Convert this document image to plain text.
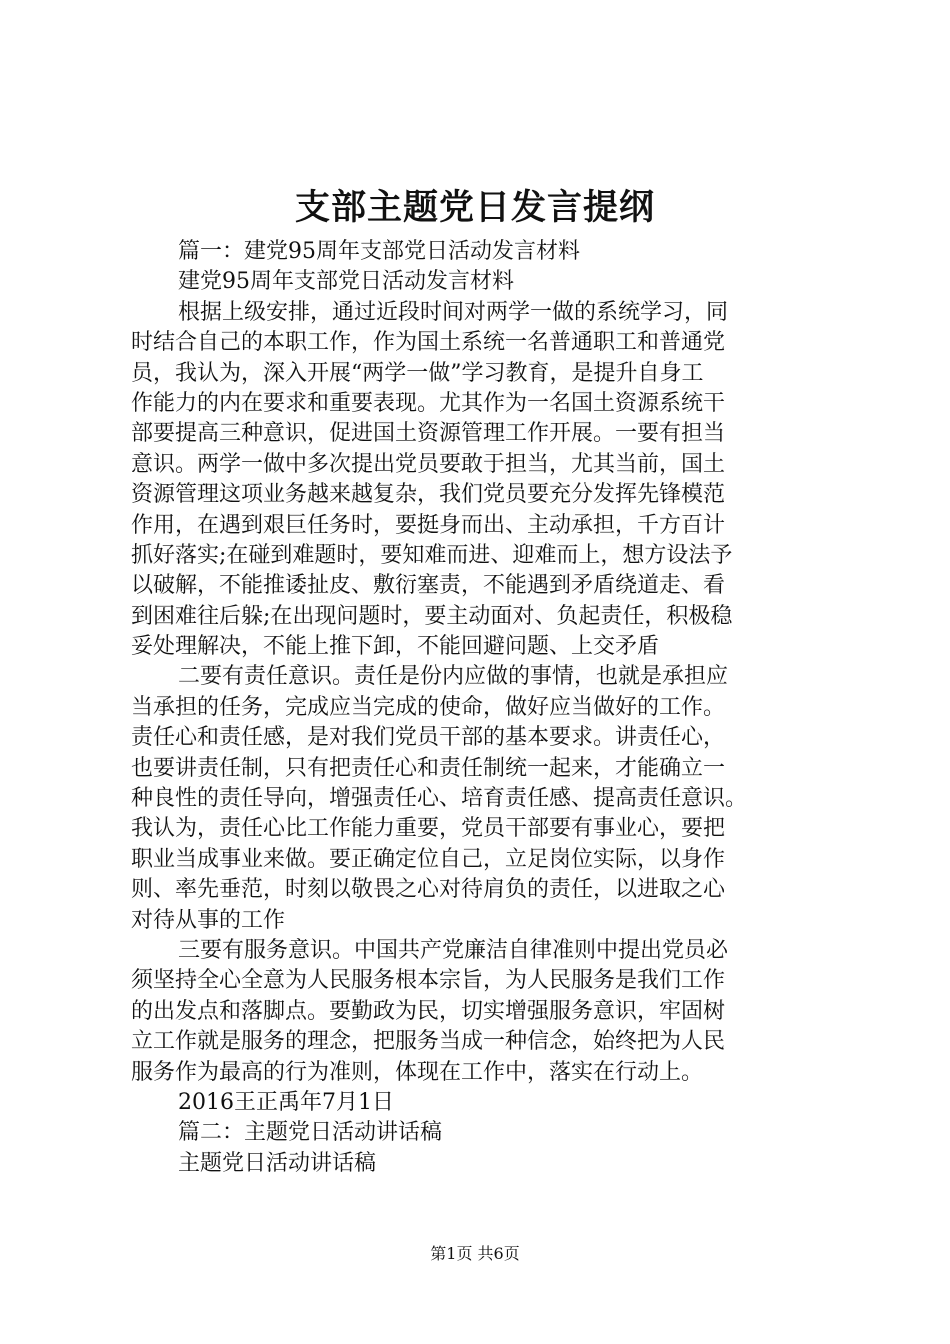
支部主题党日发言提纲
篇一：建党95周年支部党日活动发言材料
建党95周年支部党日活动发言材料
根据上级安排，通过近段时间对两学一做的系统学习，同
时结合自己的本职工作，作为国土系统一名普通职工和普通党
员，我认为，深入开展“两学一做”学习教育，是提升自身工
作能力的内在要求和重要表现。尤其作为一名国土资源系统干
部要提高三种意识，促进国土资源管理工作开展。一要有担当
意识。两学一做中多次提出党员要敢于担当，尤其当前，国土
资源管理这项业务越来越复杂，我们党员要充分发挥先锋模范
作用，在遇到艰巨任务时，要挺身而出、主动承担，千方百计
抓好落实;在碰到难题时，要知难而进、迎难而上，想方设法予
以破解，不能推诿扯皮、敷衍塞责，不能遇到矛盾绕道走、看
到困难往后躲;在出现问题时，要主动面对、负起责任，积极稳
妥处理解决，不能上推下卸，不能回避问题、上交矛盾
二要有责任意识。责任是份内应做的事情，也就是承担应
当承担的任务，完成应当完成的使命，做好应当做好的工作。
责任心和责任感，是对我们党员干部的基本要求。讲责任心，
也要讲责任制，只有把责任心和责任制统一起来，才能确立一
种良性的责任导向，增强责任心、培育责任感、提高责任意识。
我认为，责任心比工作能力重要，党员干部要有事业心，要把
职业当成事业来做。要正确定位自己，立足岗位实际，以身作
则、率先垂范，时刻以敬畏之心对待肩负的责任，以进取之心
对待从事的工作
三要有服务意识。中国共产党廉洁自律准则中提出党员必
须坚持全心全意为人民服务根本宗旨，为人民服务是我们工作
的出发点和落脚点。要勤政为民，切实增强服务意识，牢固树
立工作就是服务的理念，把服务当成一种信念，始终把为人民
服务作为最高的行为准则，体现在工作中，落实在行动上。
2016王正禹年7月1日
篇二：主题党日活动讲话稿
主题党日活动讲话稿
第1页 共6页
